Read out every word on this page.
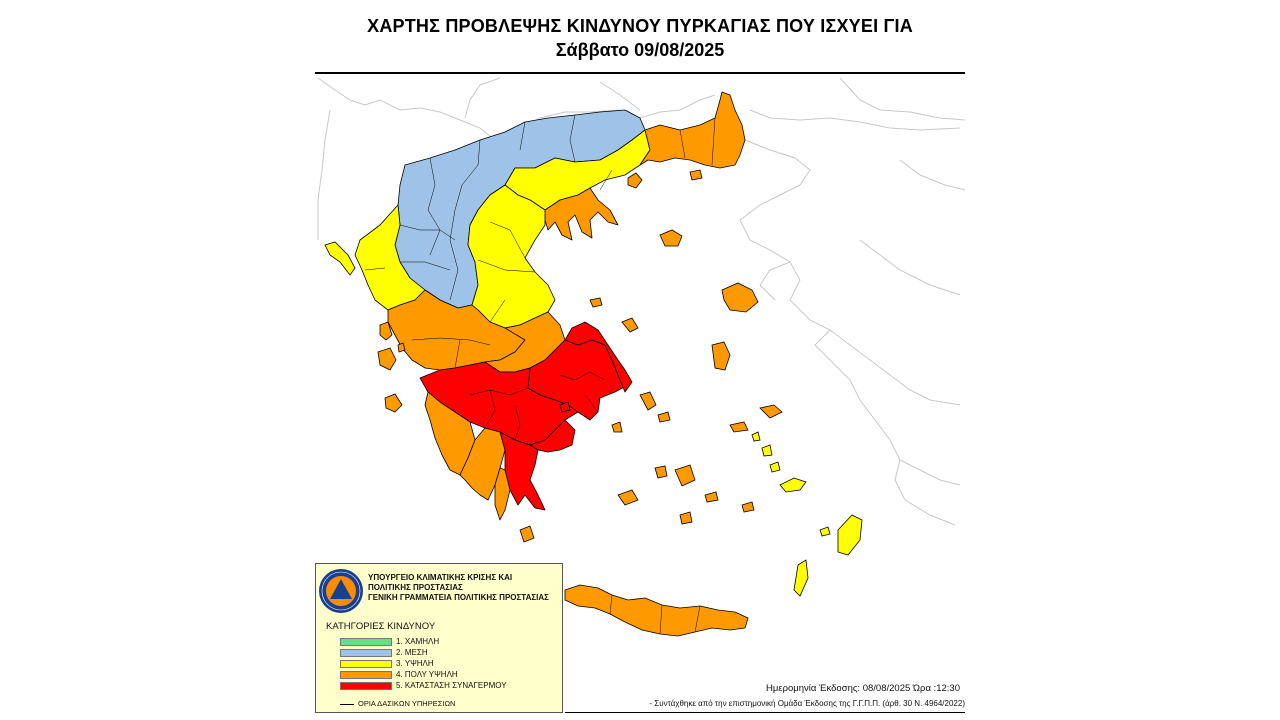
ΧΑΡΤΗΣ ΠΡΟΒΛΕΨΗΣ ΚΙΝΔΥΝΟΥ ΠΥΡΚΑΓΙΑΣ ΠΟΥ ΙΣΧΥΕΙ ΓΙΑ
Σάββατο 09/08/2025
ΥΠΟΥΡΓΕΙΟ ΚΛΙΜΑΤΙΚΗΣ ΚΡΙΣΗΣ ΚΑΙ
ΠΟΛΙΤΙΚΗΣ ΠΡΟΣΤΑΣΙΑΣ
ΓΕΝΙΚΗ ΓΡΑΜΜΑΤΕΙΑ ΠΟΛΙΤΙΚΗΣ ΠΡΟΣΤΑΣΙΑΣ
ΚΑΤΗΓΟΡΙΕΣ ΚΙΝΔΥΝΟΥ
1. ΧΑΜΗΛΗ
2. ΜΕΣΗ
3. ΥΨΗΛΗ
4. ΠΟΛΥ ΥΨΗΛΗ
5. ΚΑΤΑΣΤΑΣΗ ΣΥΝΑΓΕΡΜΟΥ
ΟΡΙΑ ΔΑΣΙΚΩΝ ΥΠΗΡΕΣΙΩΝ
Ημερομηνία Έκδοσης: 08/08/2025 Ώρα :12:30
- Συντάχθηκε από την επιστημονική Ομάδα Έκδοσης της Γ.Γ.Π.Π. (άρθ. 30 Ν. 4964/2022)
